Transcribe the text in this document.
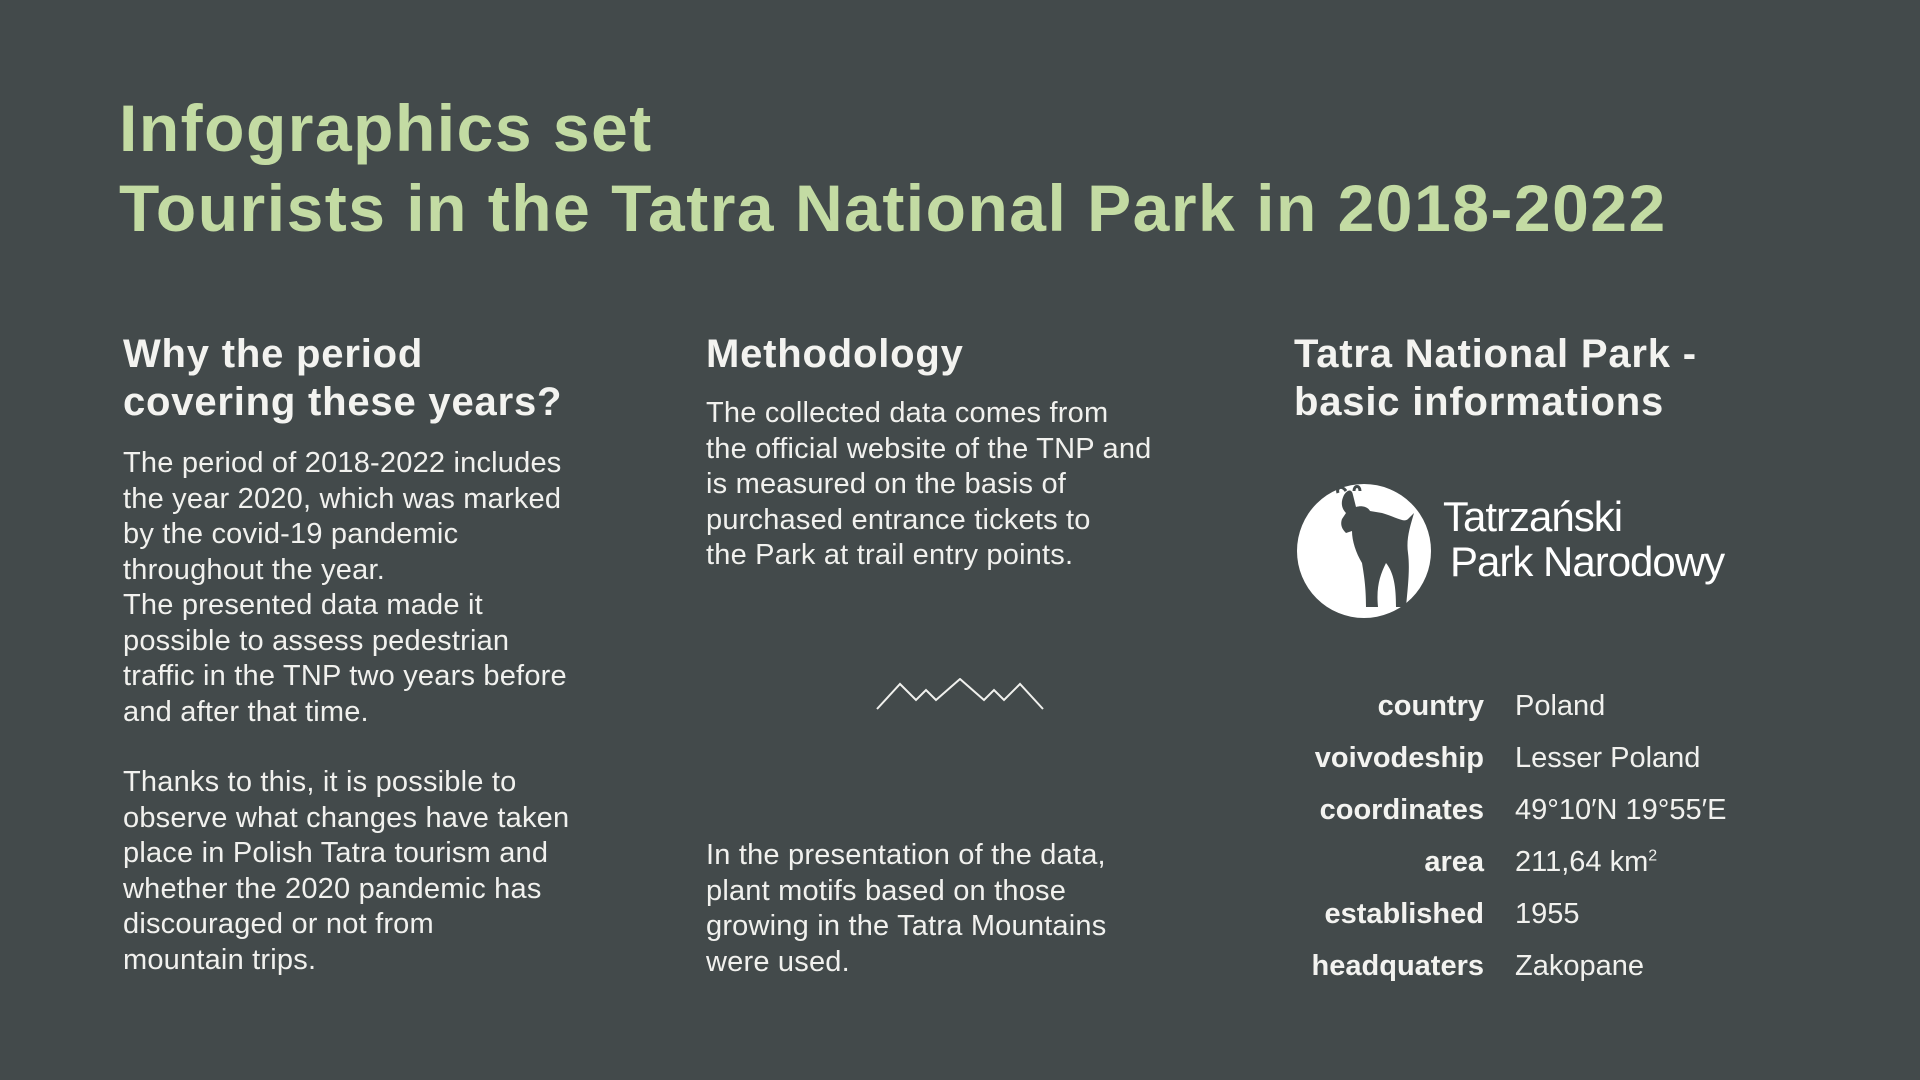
Infographics set
Tourists in the Tatra National Park in 2018-2022
Why the period
covering these years?

The period of 2018-2022 includes
the year 2020, which was marked
by the covid-19 pandemic
throughout the year.
The presented data made it
possible to assess pedestrian
traffic in the TNP two years before
and after that time.

Thanks to this, it is possible to
observe what changes have taken
place in Polish Tatra tourism and
whether the 2020 pandemic has
discouraged or not from
mountain trips.

Methodology

The collected data comes from
the official website of the TNP and
is measured on the basis of
purchased entrance tickets to
the Park at trail entry points.

In the presentation of the data,
plant motifs based on those
growing in the Tatra Mountains
were used.

Tatra National Park -
basic informations
Tatrzański
Park Narodowy
country Poland
voivodeship Lesser Poland
coordinates 49°10′N 19°55′E
area 211,64 $km^2$
established 1955
headquaters Zakopane
